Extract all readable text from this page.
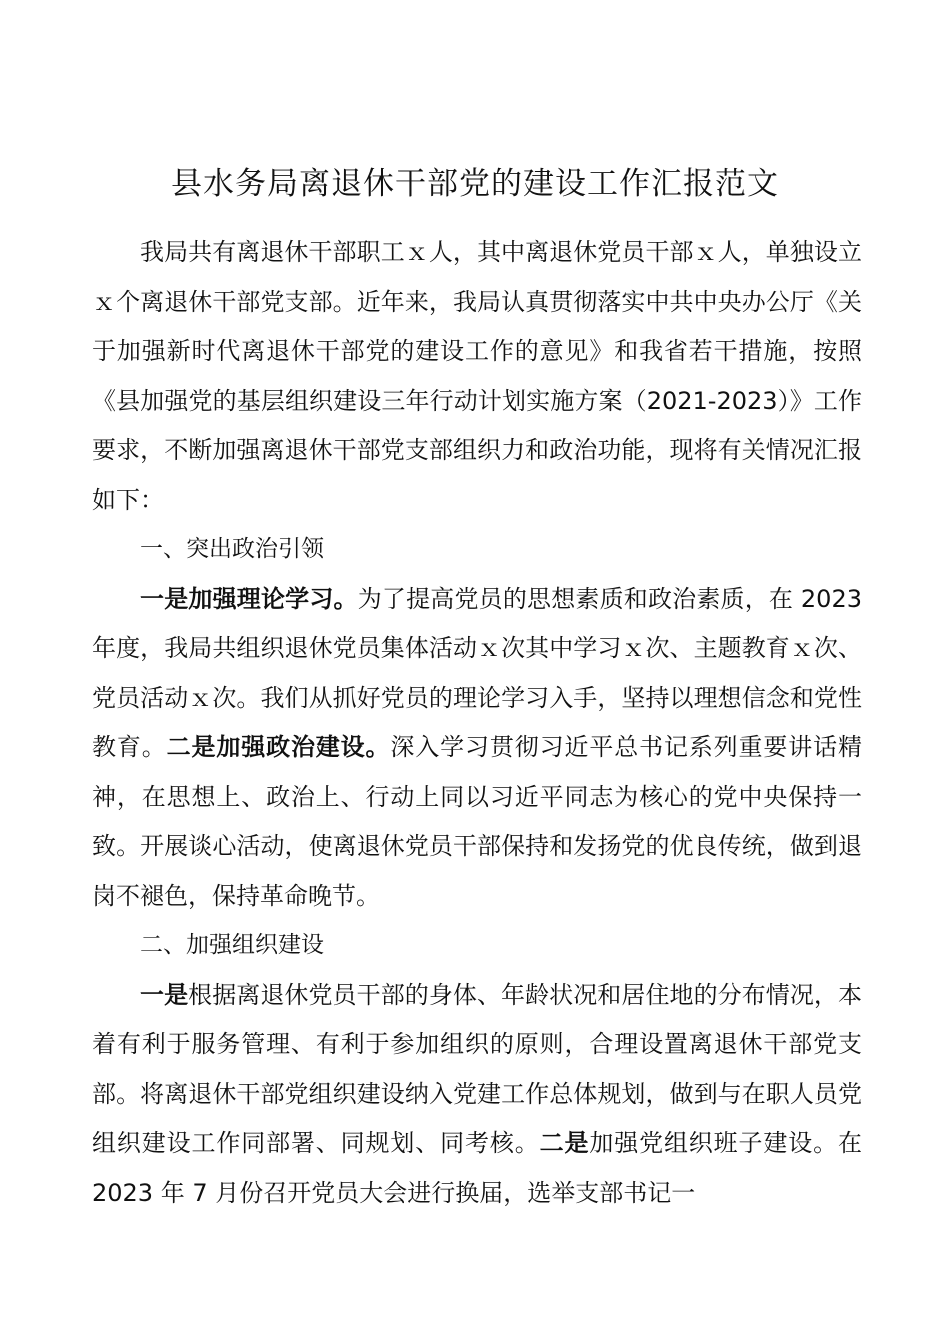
县水务局离退休干部党的建设工作汇报范文

我局共有离退休干部职工ｘ人，其中离退休党员干部ｘ人，单独设立ｘ个离退休干部党支部。近年来，我局认真贯彻落实中共中央办公厅《关于加强新时代离退休干部党的建设工作的意见》和我省若干措施，按照《县加强党的基层组织建设三年行动计划实施方案（2021-2023）》工作要求，不断加强离退休干部党支部组织力和政治功能，现将有关情况汇报如下：

一、突出政治引领

一是加强理论学习。为了提高党员的思想素质和政治素质，在 2023 年度，我局共组织退休党员集体活动ｘ次其中学习ｘ次、主题教育ｘ次、党员活动ｘ次。我们从抓好党员的理论学习入手，坚持以理想信念和党性教育。二是加强政治建设。深入学习贯彻习近平总书记系列重要讲话精神，在思想上、政治上、行动上同以习近平同志为核心的党中央保持一致。开展谈心活动，使离退休党员干部保持和发扬党的优良传统，做到退岗不褪色，保持革命晚节。

二、加强组织建设

一是根据离退休党员干部的身体、年龄状况和居住地的分布情况，本着有利于服务管理、有利于参加组织的原则，合理设置离退休干部党支部。将离退休干部党组织建设纳入党建工作总体规划，做到与在职人员党组织建设工作同部署、同规划、同考核。二是加强党组织班子建设。在 2023 年 7 月份召开党员大会进行换届，选举支部书记一
